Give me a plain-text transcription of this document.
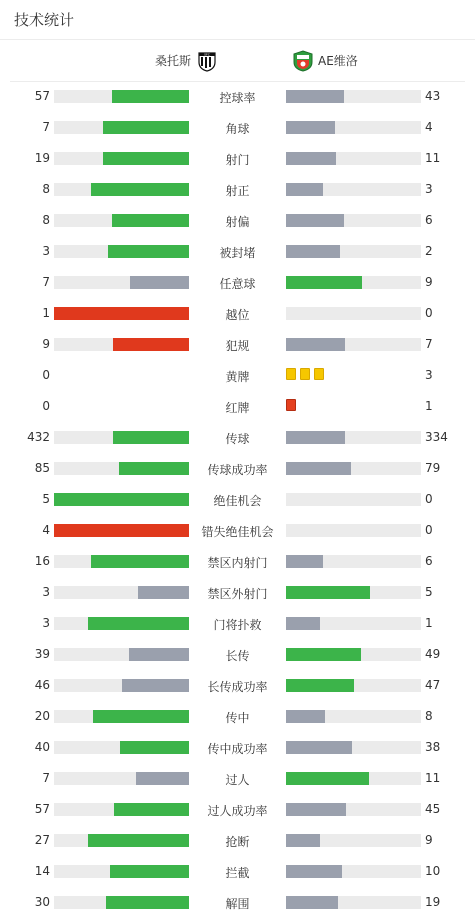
技术统计
桑托斯	SFC	AE维洛
57	控球率	43
7	角球	4
19	射门	11
8	射正	3
8	射偏	6
3	被封堵	2
7	任意球	9
1	越位	0
9	犯规	7
0	黄牌	3
0	红牌	1
432	传球	334
85	传球成功率	79
5	绝佳机会	0
4	错失绝佳机会	0
16	禁区内射门	6
3	禁区外射门	5
3	门将扑救	1
39	长传	49
46	长传成功率	47
20	传中	8
40	传中成功率	38
7	过人	11
57	过人成功率	45
27	抢断	9
14	拦截	10
30	解围	19
